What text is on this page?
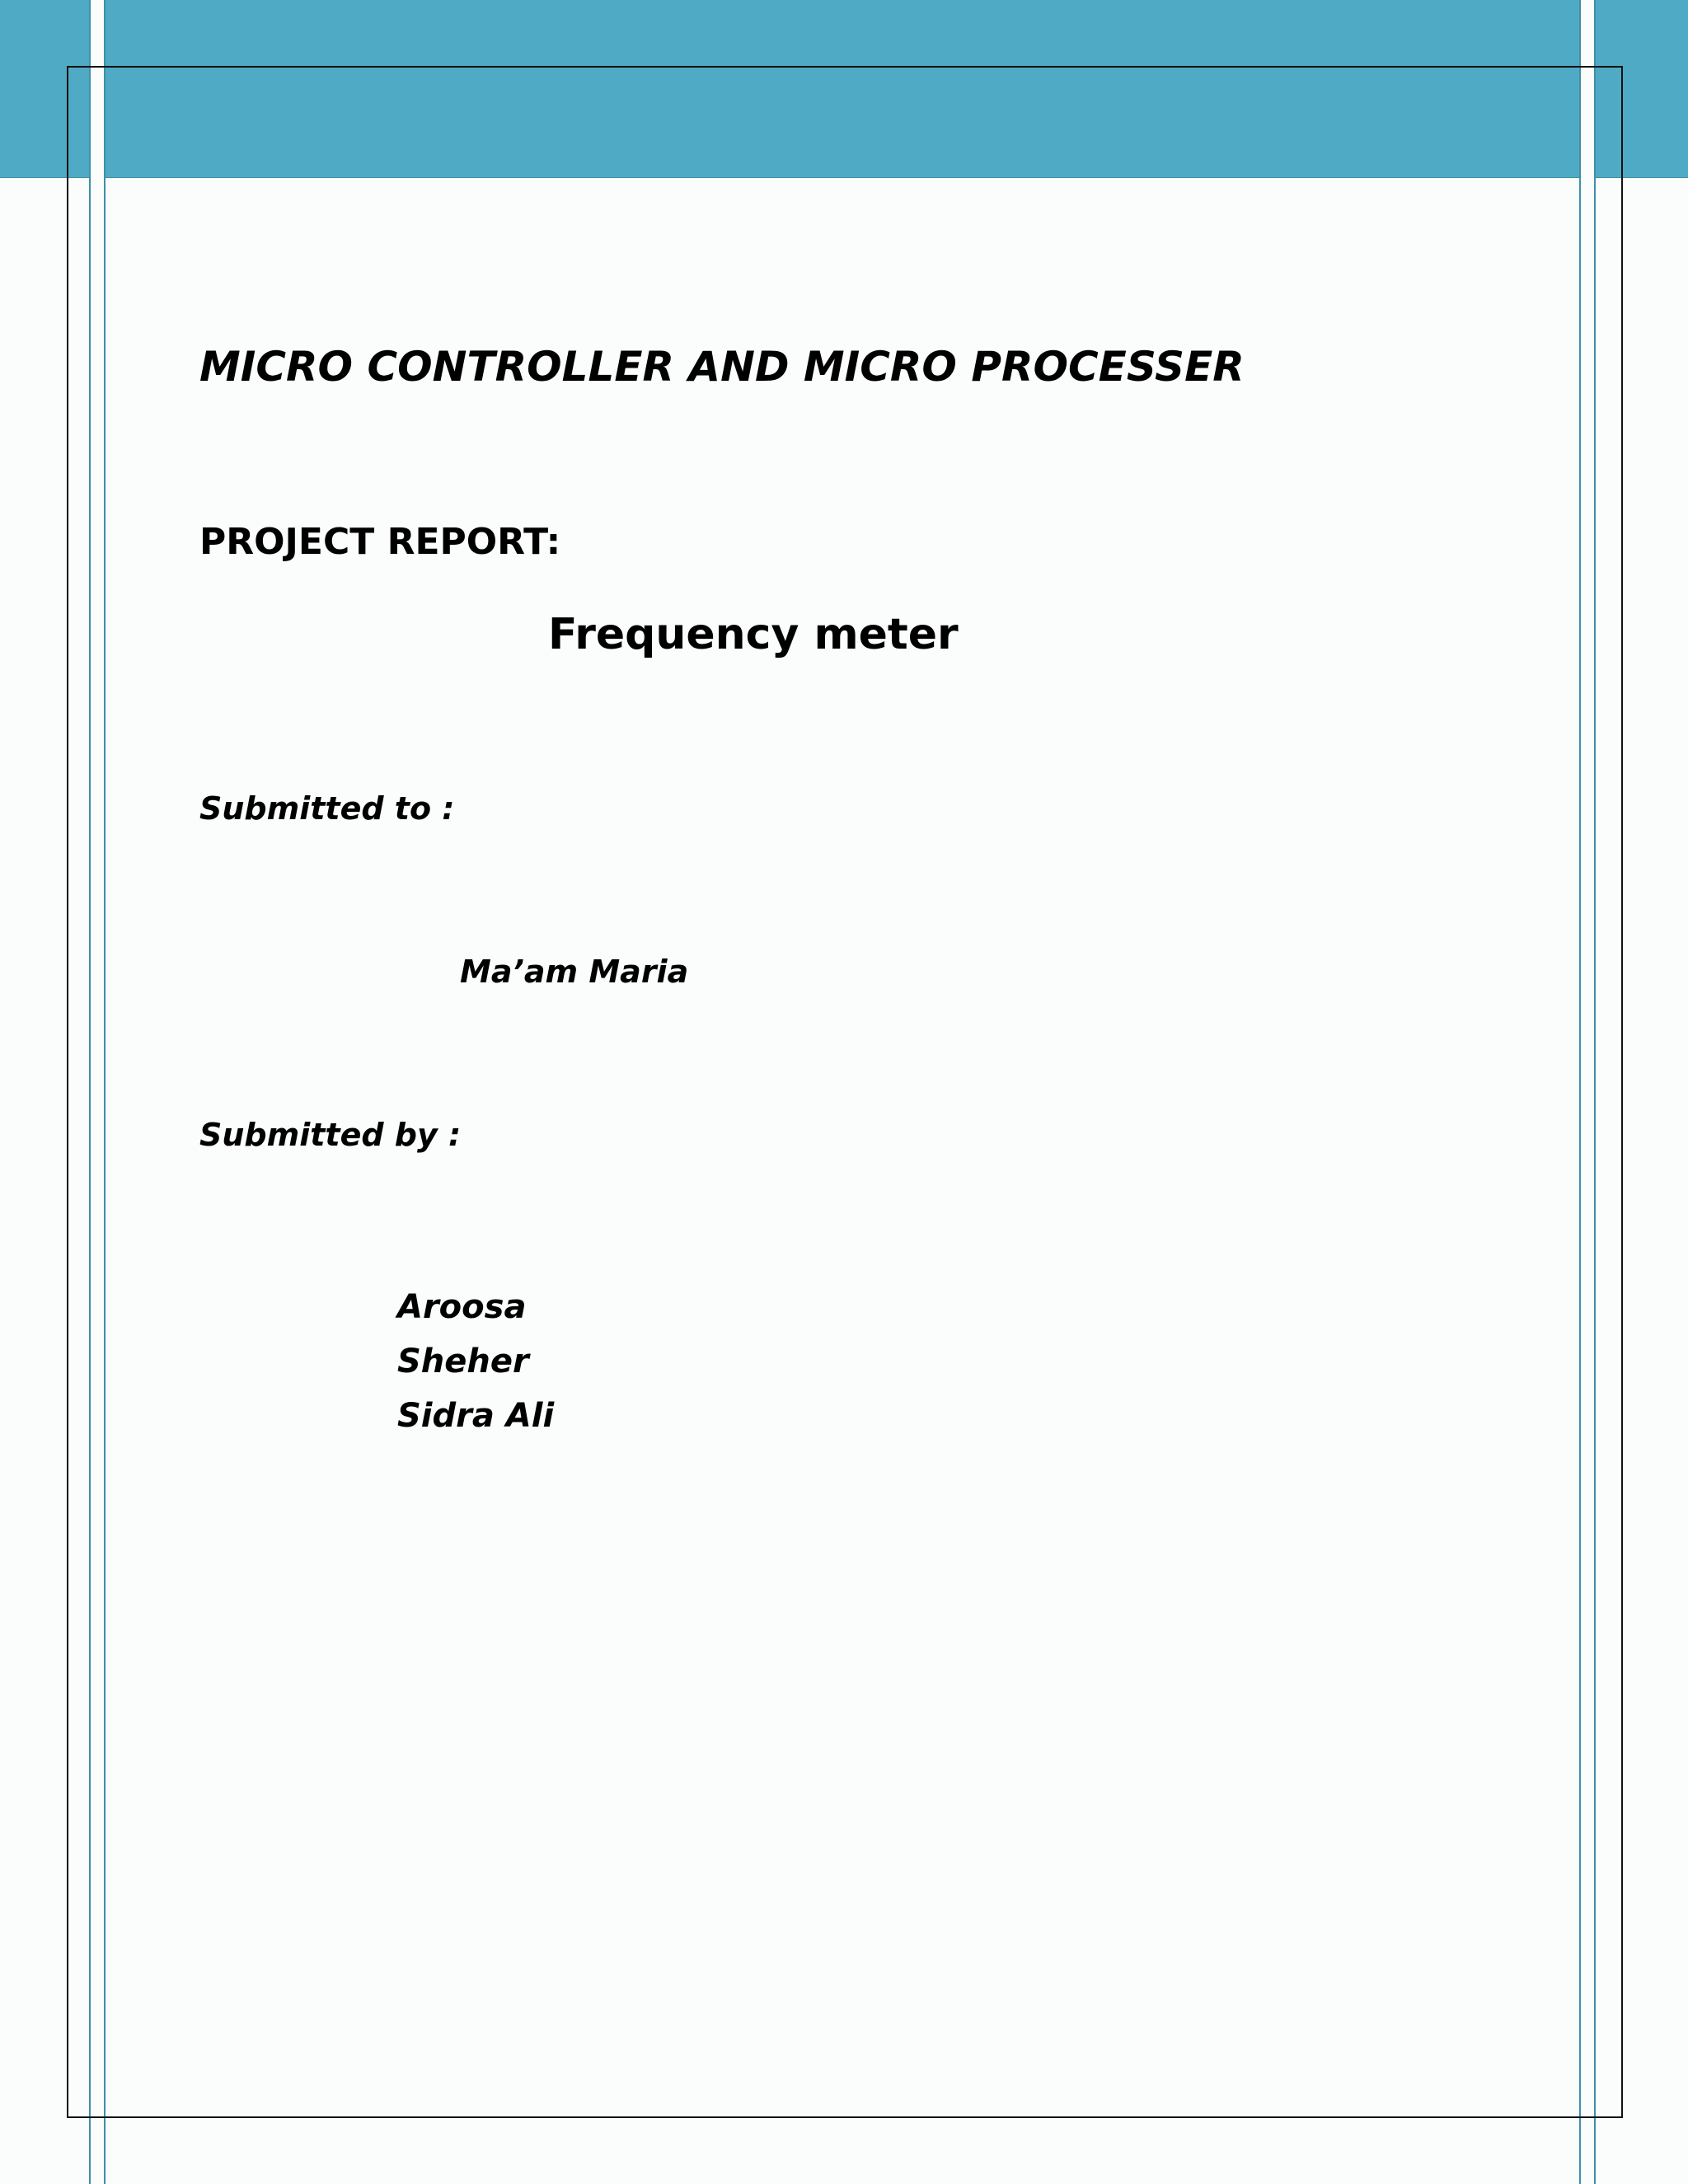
MICRO CONTROLLER AND MICRO PROCESSER
PROJECT REPORT:
Frequency meter
Submitted to :
Ma’am Maria
Submitted by :
Aroosa
Sheher
Sidra Ali
